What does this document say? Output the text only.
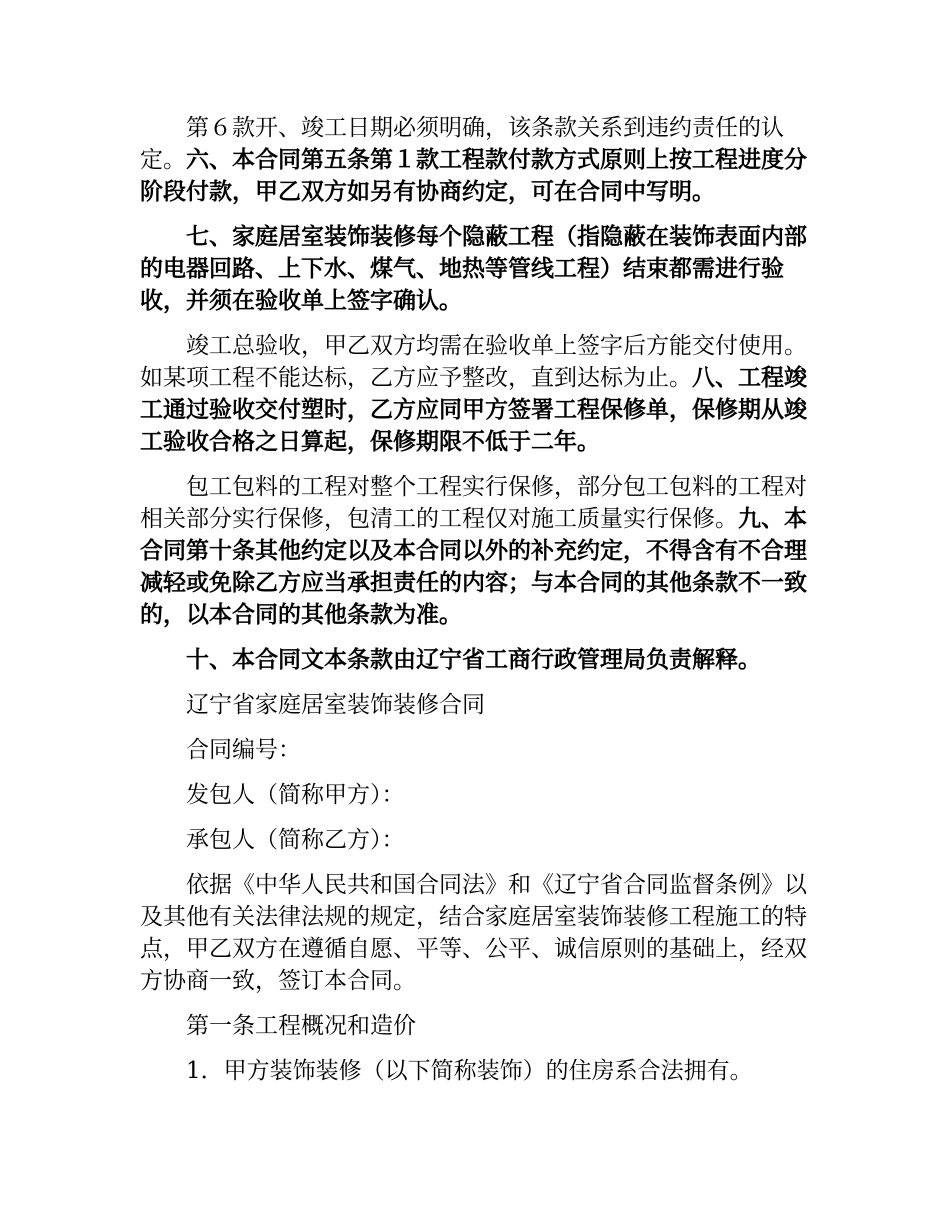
第６款开、竣工日期必须明确，该条款关系到违约责任的认定。六、本合同第五条第１款工程款付款方式原则上按工程进度分阶段付款，甲乙双方如另有协商约定，可在合同中写明。

七、家庭居室装饰装修每个隐蔽工程（指隐蔽在装饰表面内部的电器回路、上下水、煤气、地热等管线工程）结束都需进行验收，并须在验收单上签字确认。

竣工总验收，甲乙双方均需在验收单上签字后方能交付使用。如某项工程不能达标，乙方应予整改，直到达标为止。八、工程竣工通过验收交付塑时，乙方应同甲方签署工程保修单，保修期从竣工验收合格之日算起，保修期限不低于二年。

包工包料的工程对整个工程实行保修，部分包工包料的工程对相关部分实行保修，包清工的工程仅对施工质量实行保修。九、本合同第十条其他约定以及本合同以外的补充约定，不得含有不合理减轻或免除乙方应当承担责任的内容；与本合同的其他条款不一致的，以本合同的其他条款为准。

十、本合同文本条款由辽宁省工商行政管理局负责解释。

辽宁省家庭居室装饰装修合同

合同编号：

发包人（简称甲方）：

承包人（简称乙方）：

依据《中华人民共和国合同法》和《辽宁省合同监督条例》以及其他有关法律法规的规定，结合家庭居室装饰装修工程施工的特点，甲乙双方在遵循自愿、平等、公平、诚信原则的基础上，经双方协商一致，签订本合同。

第一条工程概况和造价

1．甲方装饰装修（以下简称装饰）的住房系合法拥有。
